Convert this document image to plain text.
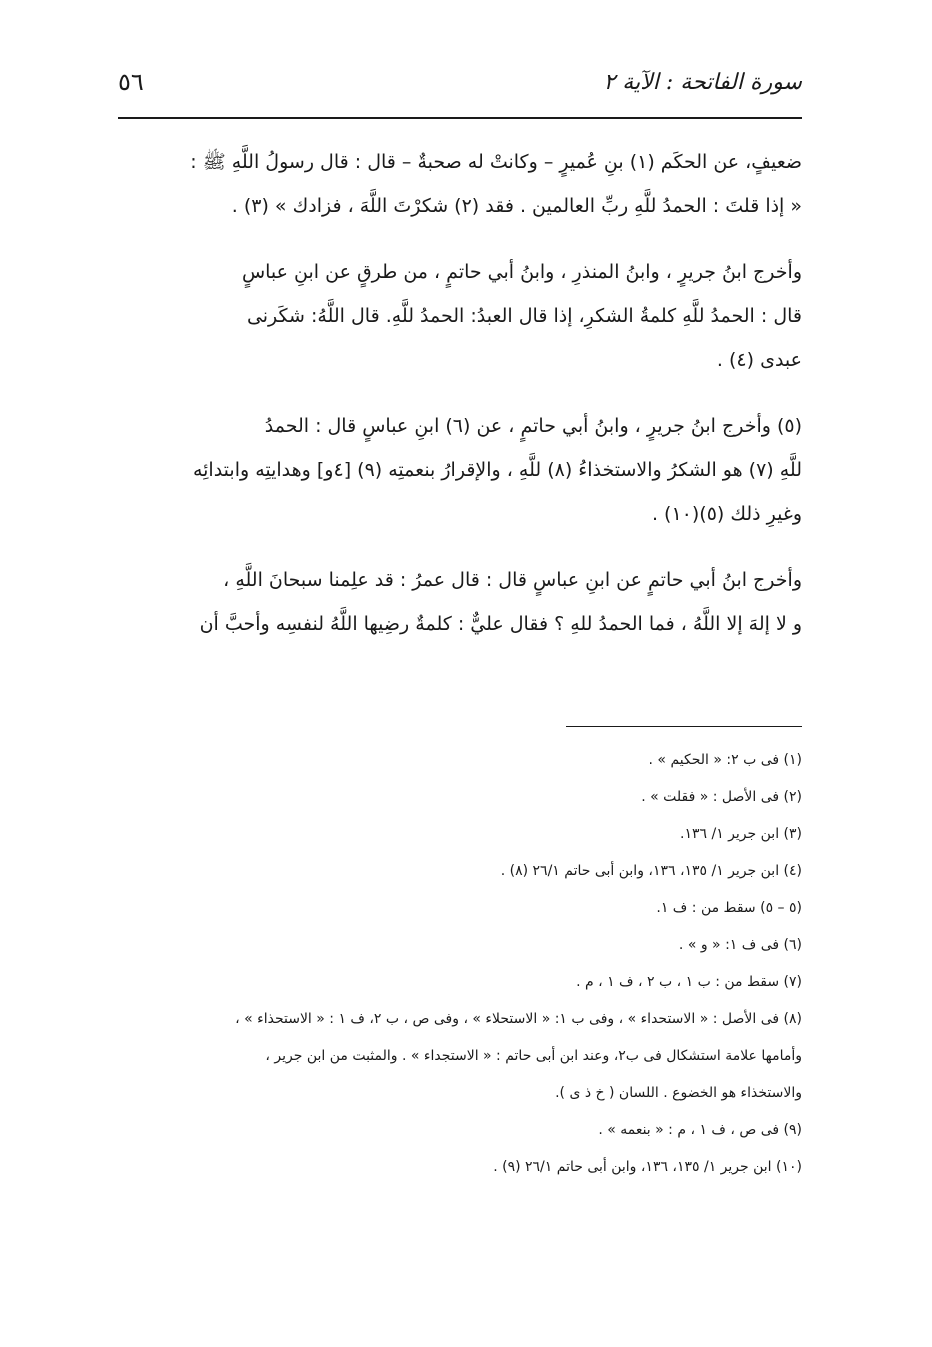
٥٦	سورة الفاتحة : الآية ٢

ضعيفٍ، عن الحكَم (١) بنِ عُميرٍ – وكانتْ له صحبةٌ – قال : قال رسولُ اللَّهِ ﷺ :

« إذا قلتَ : الحمدُ للَّهِ ربِّ العالمين . فقد (٢) شكرْتَ اللَّهَ ، فزادك » (٣) .

وأخرج ابنُ جريرٍ ، وابنُ المنذرِ ، وابنُ أبي حاتمٍ ، من طرقٍ عن ابنِ عباسٍ

قال : الحمدُ للَّهِ كلمةُ الشكرِ، إذا قال العبدُ: الحمدُ للَّهِ. قال اللَّهُ: شكَرنى

عبدى (٤) .

(٥) وأخرج ابنُ جريرٍ ، وابنُ أبي حاتمٍ ، عن (٦) ابنِ عباسٍ قال : الحمدُ

للَّهِ (٧) هو الشكرُ والاستخذاءُ (٨) للَّهِ ، والإقرارُ بنعمتِه (٩) [٤و] وهدايتِه وابتدائِه

وغيرِ ذلك (٥)(١٠) .

وأخرج ابنُ أبي حاتمٍ عن ابنِ عباسٍ قال : قال عمرُ : قد علِمنا سبحانَ اللَّهِ ،

و لا إلهَ إلا اللَّهُ ، فما الحمدُ للهِ ؟ فقال عليٌّ : كلمةٌ رضِيها اللَّهُ لنفسِه وأحبَّ أن

(١) فى ب ٢: « الحكيم » .

(٢) فى الأصل : « فقلت » .

(٣) ابن جرير ١/ ١٣٦.

(٤) ابن جرير ١/ ١٣٥، ١٣٦، وابن أبى حاتم ٢٦/١ (٨) .

(٥ – ٥) سقط من : ف ١.

(٦) فى ف ١: « و » .

(٧) سقط من : ب ١ ، ب ٢ ، ف ١ ، م .

(٨) فى الأصل : « الاستحداء » ، وفى ب ١: « الاستحلاء » ، وفى ص ، ب ٢، ف ١ : « الاستحذاء » ،

وأمامها علامة استشكال فى ب٢، وعند ابن أبى حاتم : « الاستجداء » . والمثبت من ابن جرير ،

والاستخذاء هو الخضوع . اللسان ( خ ذ ى ).

(٩) فى ص ، ف ١ ، م : « بنعمه » .

(١٠) ابن جرير ١/ ١٣٥، ١٣٦، وابن أبى حاتم ٢٦/١ (٩) .
